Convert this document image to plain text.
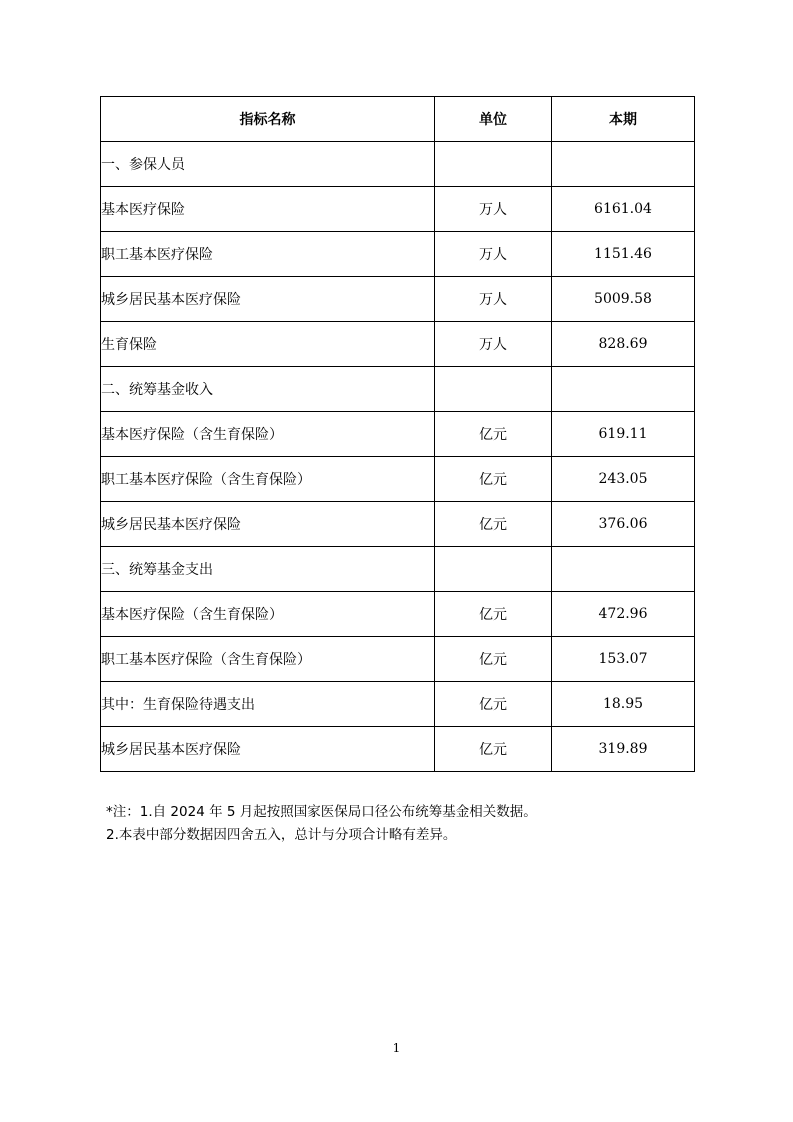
指标名称	单位	本期
一、参保人员		
基本医疗保险	万人	6161.04
职工基本医疗保险	万人	1151.46
城乡居民基本医疗保险	万人	5009.58
生育保险	万人	828.69
二、统筹基金收入		
基本医疗保险（含生育保险）	亿元	619.11
职工基本医疗保险（含生育保险）	亿元	243.05
城乡居民基本医疗保险	亿元	376.06
三、统筹基金支出		
基本医疗保险（含生育保险）	亿元	472.96
职工基本医疗保险（含生育保险）	亿元	153.07
其中：生育保险待遇支出	亿元	18.95
城乡居民基本医疗保险	亿元	319.89
*注：1.自 2024 年 5 月起按照国家医保局口径公布统筹基金相关数据。
2.本表中部分数据因四舍五入，总计与分项合计略有差异。
1
